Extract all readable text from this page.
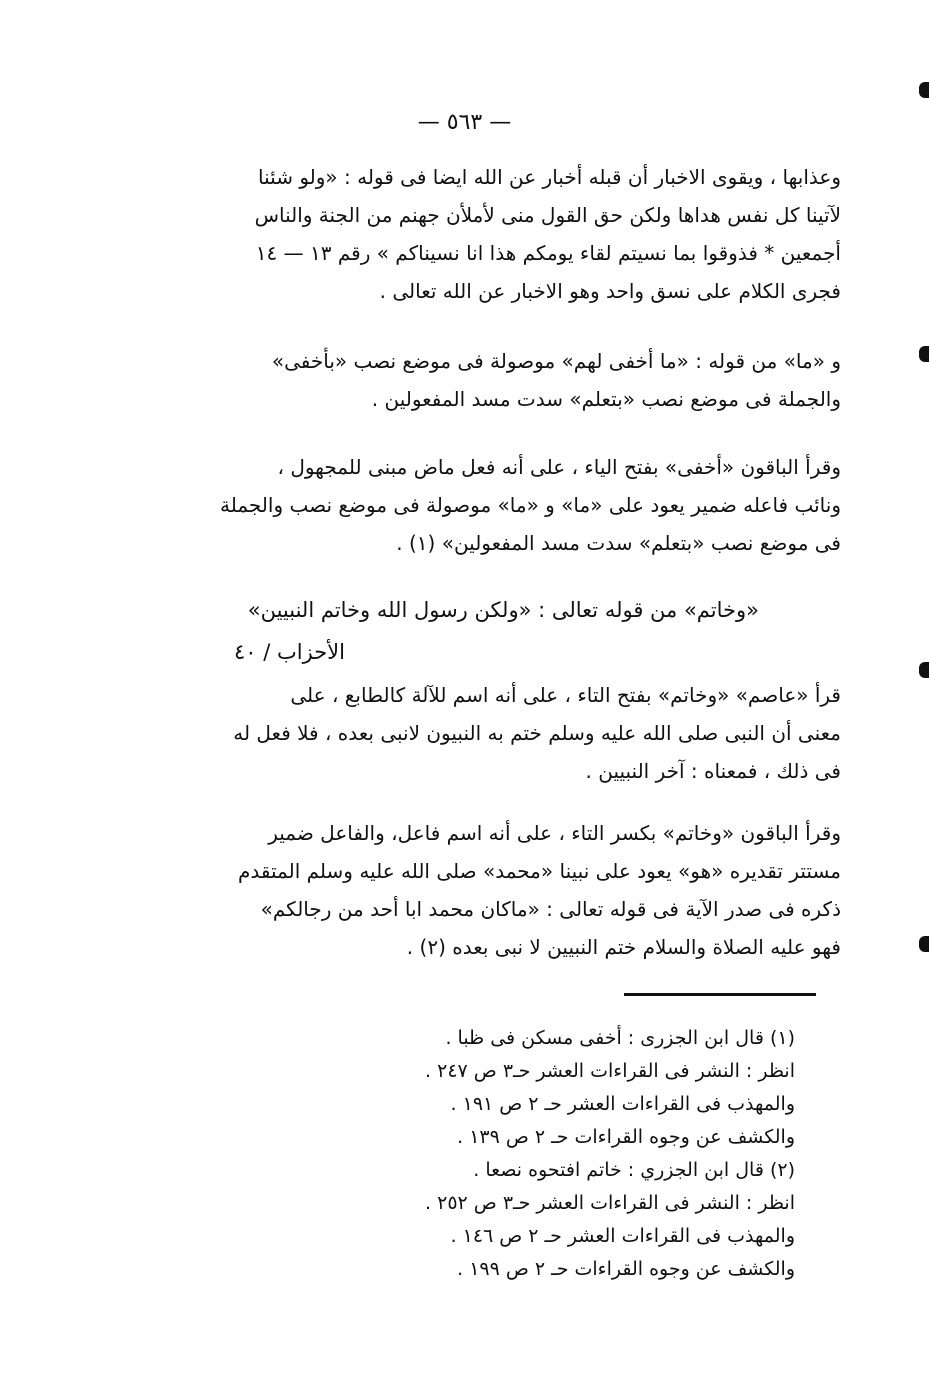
— ٥٦٣ —
وعذابها ، ويقوى الاخبار أن قبله أخبار عن الله ايضا فى قوله : «ولو شئنا
لآتينا كل نفس هداها ولكن حق القول منى لأملأن جهنم من الجنة والناس
أجمعين * فذوقوا بما نسيتم لقاء يومكم هذا انا نسيناكم » رقم ١٣ — ١٤
فجرى الكلام على نسق واحد وهو الاخبار عن الله تعالى .
و «ما» من قوله : «ما أخفى لهم» موصولة فى موضع نصب «بأخفى»
والجملة فى موضع نصب «بتعلم» سدت مسد المفعولين .
وقرأ الباقون «أخفى» بفتح الياء ، على أنه فعل ماض مبنى للمجهول ،
ونائب فاعله ضمير يعود على «ما» و «ما» موصولة فى موضع نصب والجملة
فى موضع نصب «بتعلم» سدت مسد المفعولين» (١) .
«وخاتم» من قوله تعالى : «ولكن رسول الله وخاتم النبيين»
الأحزاب / ٤٠
قرأ «عاصم» «وخاتم» بفتح التاء ، على أنه اسم للآلة كالطابع ، على
معنى أن النبى صلى الله عليه وسلم ختم به النبيون لانبى بعده ، فلا فعل له
فى ذلك ، فمعناه : آخر النبيين .
وقرأ الباقون «وخاتم» بكسر التاء ، على أنه اسم فاعل، والفاعل ضمير
مستتر تقديره «هو» يعود على نبينا «محمد» صلى الله عليه وسلم المتقدم
ذكره فى صدر الآية فى قوله تعالى : «ماكان محمد ابا أحد من رجالكم»
فهو عليه الصلاة والسلام ختم النبيين لا نبى بعده (٢) .
(١) قال ابن الجزرى : أخفى مسكن فى ظبا .
انظر : النشر فى القراءات العشر حـ٣ ص ٢٤٧ .
والمهذب فى القراءات العشر حـ ٢ ص ١٩١ .
والكشف عن وجوه القراءات حـ ٢ ص ١٣٩ .
(٢) قال ابن الجزري : خاتم افتحوه نصعا .
انظر : النشر فى القراءات العشر حـ٣ ص ٢٥٢ .
والمهذب فى القراءات العشر حـ ٢ ص ١٤٦ .
والكشف عن وجوه القراءات حـ ٢ ص ١٩٩ .
